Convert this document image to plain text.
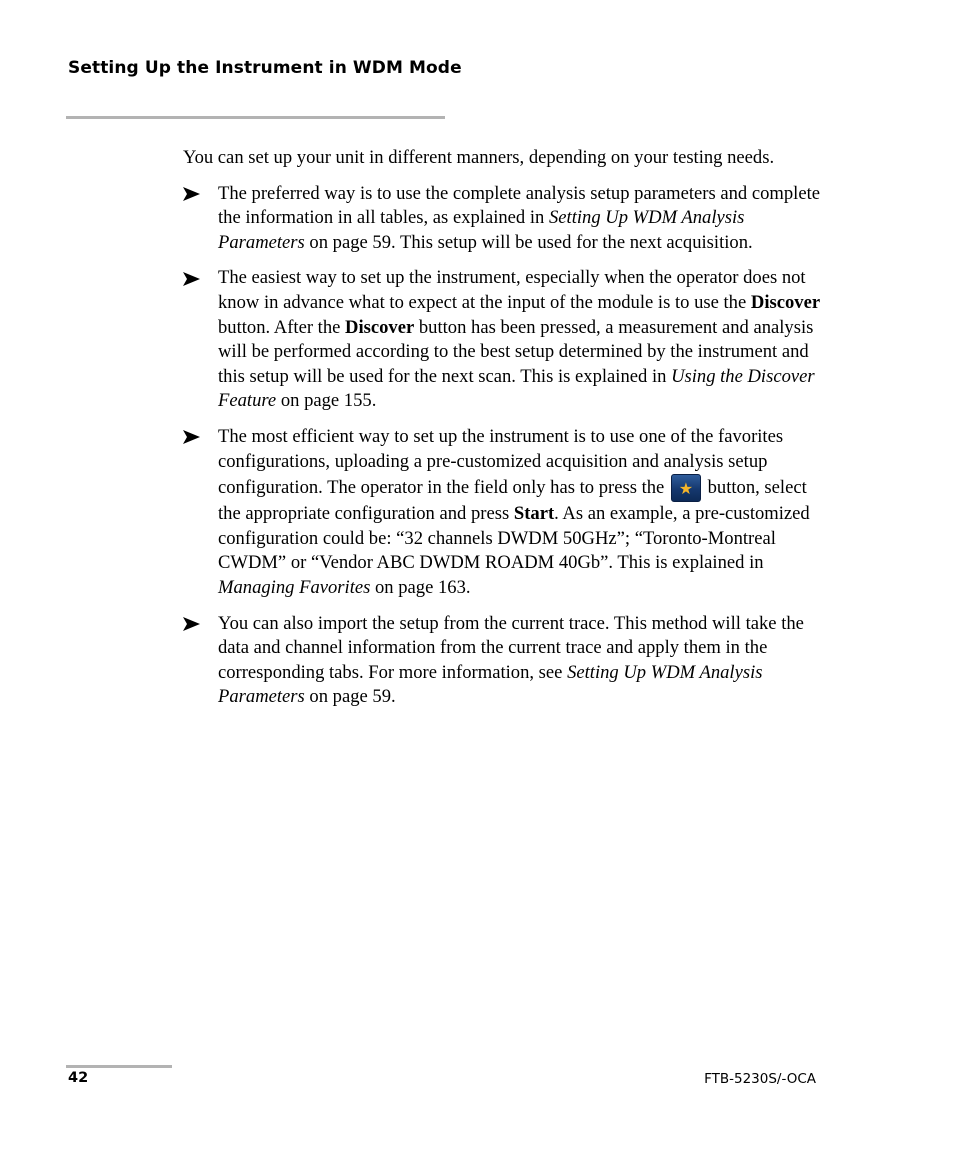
Setting Up the Instrument in WDM Mode

You can set up your unit in different manners, depending on your testing needs.

The preferred way is to use the complete analysis setup parameters and complete the information in all tables, as explained in Setting Up WDM Analysis Parameters on page 59. This setup will be used for the next acquisition.
The easiest way to set up the instrument, especially when the operator does not know in advance what to expect at the input of the module is to use the Discover button. After the Discover button has been pressed, a measurement and analysis will be performed according to the best setup determined by the instrument and this setup will be used for the next scan. This is explained in Using the Discover Feature on page 155.
The most efficient way to set up the instrument is to use one of the favorites configurations, uploading a pre-customized acquisition and analysis setup configuration. The operator in the field only has to press the ★ button, select the appropriate configuration and press Start. As an example, a pre-customized configuration could be: “32 channels DWDM 50GHz”; “Toronto-Montreal CWDM” or “Vendor ABC DWDM ROADM 40Gb”. This is explained in Managing Favorites on page 163.
You can also import the setup from the current trace. This method will take the data and channel information from the current trace and apply them in the corresponding tabs. For more information, see Setting Up WDM Analysis Parameters on page 59.
42	FTB-5230S/-OCA
